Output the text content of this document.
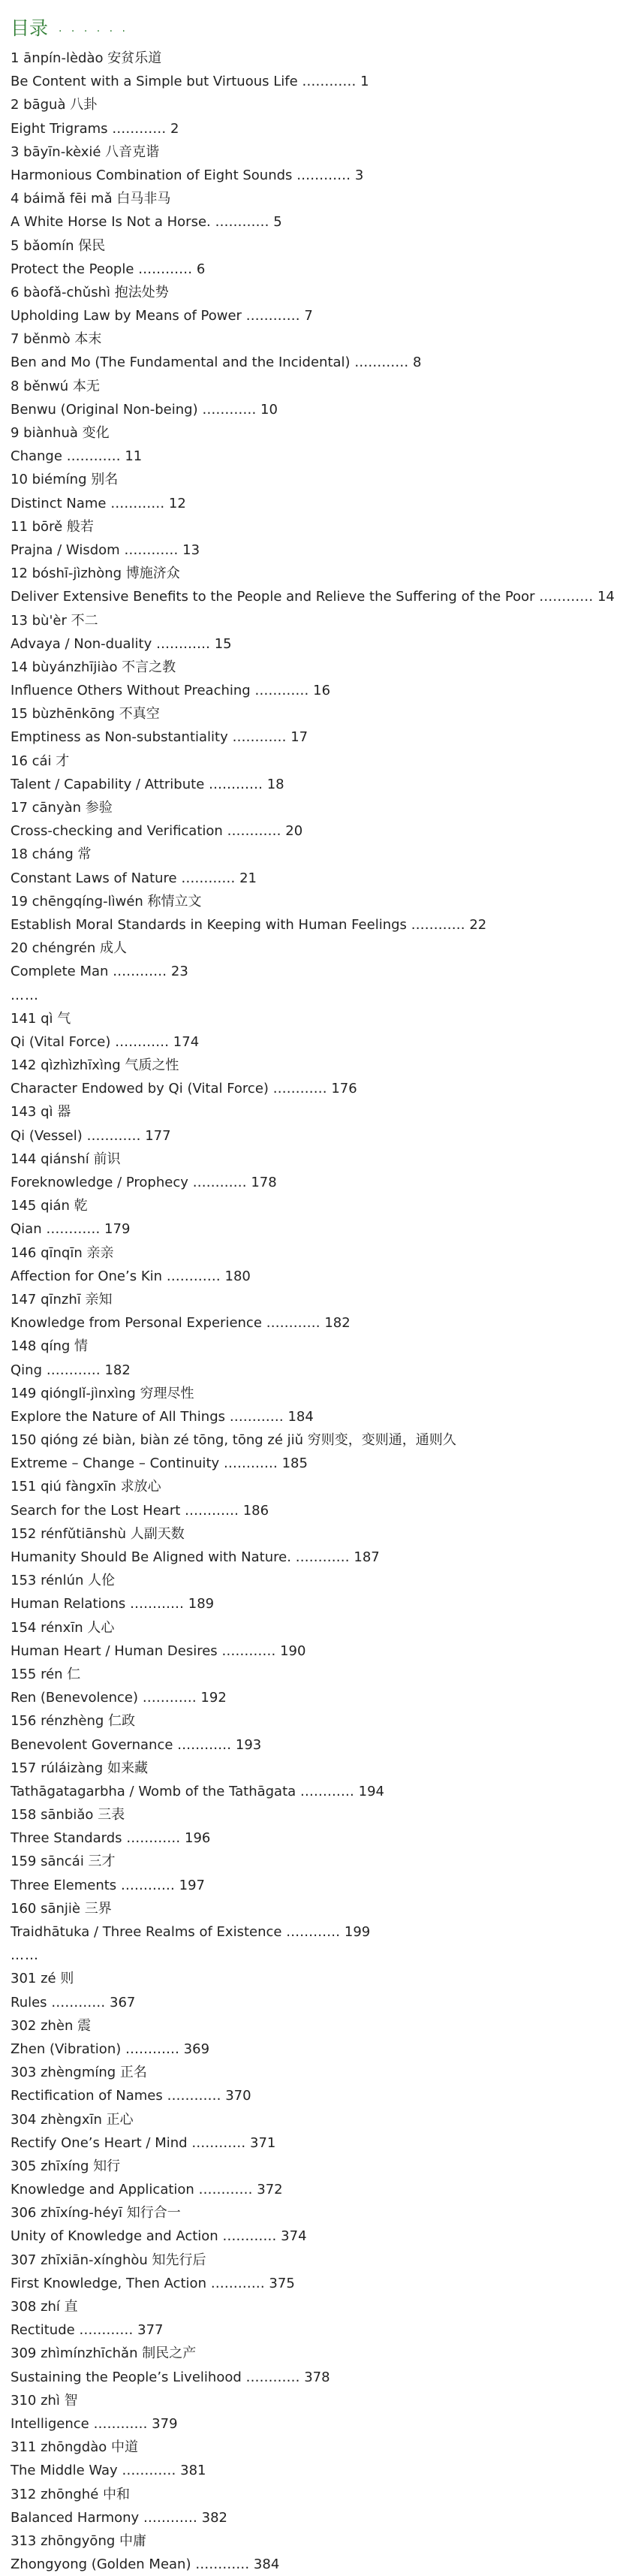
目录 · · · · · ·
1 ānpín-lèdào 安贫乐道
Be Content with a Simple but Virtuous Life ………… 1
2 bāguà 八卦
Eight Trigrams ………… 2
3 bāyīn-kèxié 八音克谐
Harmonious Combination of Eight Sounds ………… 3
4 báimǎ fēi mǎ 白马非马
A White Horse Is Not a Horse. ………… 5
5 bǎomín 保民
Protect the People ………… 6
6 bàofǎ-chǔshì 抱法处势
Upholding Law by Means of Power ………… 7
7 běnmò 本末
Ben and Mo (The Fundamental and the Incidental) ………… 8
8 běnwú 本无
Benwu (Original Non-being) ………… 10
9 biànhuà 变化
Change ………… 11
10 biémíng 别名
Distinct Name ………… 12
11 bōrě 般若
Prajna / Wisdom ………… 13
12 bóshī-jìzhòng 博施济众
Deliver Extensive Benefits to the People and Relieve the Suffering of the Poor ………… 14
13 bù'èr 不二
Advaya / Non-duality ………… 15
14 bùyánzhījiào 不言之教
Influence Others Without Preaching ………… 16
15 bùzhēnkōng 不真空
Emptiness as Non-substantiality ………… 17
16 cái 才
Talent / Capability / Attribute ………… 18
17 cānyàn 参验
Cross-checking and Verification ………… 20
18 cháng 常
Constant Laws of Nature ………… 21
19 chēngqíng-lìwén 称情立文
Establish Moral Standards in Keeping with Human Feelings ………… 22
20 chéngrén 成人
Complete Man ………… 23
……
141 qì 气
Qi (Vital Force) ………… 174
142 qìzhìzhīxìng 气质之性
Character Endowed by Qi (Vital Force) ………… 176
143 qì 器
Qi (Vessel) ………… 177
144 qiánshí 前识
Foreknowledge / Prophecy ………… 178
145 qián 乾
Qian ………… 179
146 qīnqīn 亲亲
Affection for One’s Kin ………… 180
147 qīnzhī 亲知
Knowledge from Personal Experience ………… 182
148 qíng 情
Qing ………… 182
149 qiónglǐ-jìnxìng 穷理尽性
Explore the Nature of All Things ………… 184
150 qióng zé biàn, biàn zé tōng, tōng zé jiǔ 穷则变，变则通，通则久
Extreme – Change – Continuity ………… 185
151 qiú fàngxīn 求放心
Search for the Lost Heart ………… 186
152 rénfǔtiānshù 人副天数
Humanity Should Be Aligned with Nature. ………… 187
153 rénlún 人伦
Human Relations ………… 189
154 rénxīn 人心
Human Heart / Human Desires ………… 190
155 rén 仁
Ren (Benevolence) ………… 192
156 rénzhèng 仁政
Benevolent Governance ………… 193
157 rúláizàng 如来藏
Tathāgatagarbha / Womb of the Tathāgata ………… 194
158 sānbiǎo 三表
Three Standards ………… 196
159 sāncái 三才
Three Elements ………… 197
160 sānjiè 三界
Traidhātuka / Three Realms of Existence ………… 199
……
301 zé 则
Rules ………… 367
302 zhèn 震
Zhen (Vibration) ………… 369
303 zhèngmíng 正名
Rectification of Names ………… 370
304 zhèngxīn 正心
Rectify One’s Heart / Mind ………… 371
305 zhīxíng 知行
Knowledge and Application ………… 372
306 zhīxíng-héyī 知行合一
Unity of Knowledge and Action ………… 374
307 zhīxiān-xínghòu 知先行后
First Knowledge, Then Action ………… 375
308 zhí 直
Rectitude ………… 377
309 zhìmínzhīchǎn 制民之产
Sustaining the People’s Livelihood ………… 378
310 zhì 智
Intelligence ………… 379
311 zhōngdào 中道
The Middle Way ………… 381
312 zhōnghé 中和
Balanced Harmony ………… 382
313 zhōngyōng 中庸
Zhongyong (Golden Mean) ………… 384
